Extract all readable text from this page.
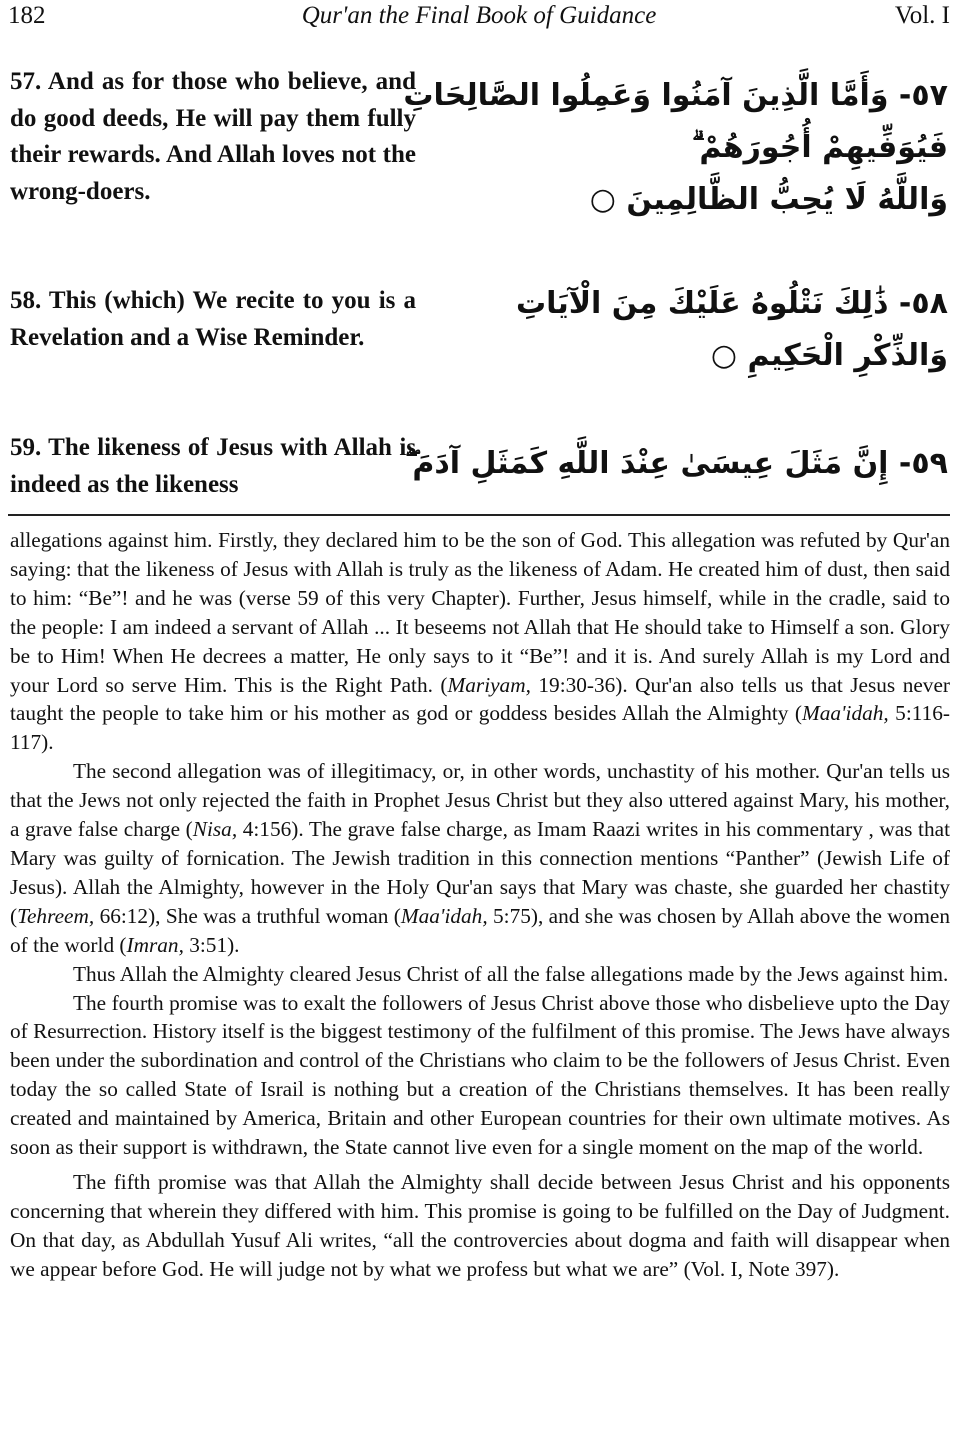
182	Qur'an the Final Book of Guidance	Vol. I
57. And as for those who believe, and do good deeds, He will pay them fully their rewards. And Allah loves not the wrong-doers.
٥٧- وَأَمَّا الَّذِينَ آمَنُوا وَعَمِلُوا الصَّالِحَاتِ
فَيُوَفِّيهِمْ أُجُورَهُمْ ۗ
وَاللَّهُ لَا يُحِبُّ الظَّالِمِينَ ○
58. This (which) We recite to you is a Revelation and a Wise Reminder.
٥٨- ذَٰلِكَ نَتْلُوهُ عَلَيْكَ مِنَ الْآيَاتِ
وَالذِّكْرِ الْحَكِيمِ ○
59. The likeness of Jesus with Allah is indeed as the likeness
٥٩- إِنَّ مَثَلَ عِيسَىٰ عِنْدَ اللَّهِ كَمَثَلِ آدَمَ ۖ

allegations against him. Firstly, they declared him to be the son of God. This allegation was refuted by Qur'an saying: that the likeness of Jesus with Allah is truly as the likeness of Adam. He created him of dust, then said to him: “Be”! and he was (verse 59 of this very Chapter). Further, Jesus himself, while in the cradle, said to the people: I am indeed a servant of Allah ... It beseems not Allah that He should take to Himself a son. Glory be to Him! When He decrees a matter, He only says to it “Be”! and it is. And surely Allah is my Lord and your Lord so serve Him. This is the Right Path. (Mariyam, 19:30-36). Qur'an also tells us that Jesus never taught the people to take him or his mother as god or goddess besides Allah the Almighty (Maa'idah, 5:116-117).

The second allegation was of illegitimacy, or, in other words, unchastity of his mother. Qur'an tells us that the Jews not only rejected the faith in Prophet Jesus Christ but they also uttered against Mary, his mother, a grave false charge (Nisa, 4:156). The grave false charge, as Imam Raazi writes in his commentary , was that Mary was guilty of fornication. The Jewish tradition in this connection mentions “Panther” (Jewish Life of Jesus). Allah the Almighty, however in the Holy Qur'an says that Mary was chaste, she guarded her chastity (Tehreem, 66:12), She was a truthful woman (Maa'idah, 5:75), and she was chosen by Allah above the women of the world (Imran, 3:51).

Thus Allah the Almighty cleared Jesus Christ of all the false allegations made by the Jews against him.

The fourth promise was to exalt the followers of Jesus Christ above those who disbelieve upto the Day of Resurrection. History itself is the biggest testimony of the fulfilment of this promise. The Jews have always been under the subordination and control of the Christians who claim to be the followers of Jesus Christ. Even today the so called State of Israil is nothing but a creation of the Christians themselves. It has been really created and maintained by America, Britain and other European countries for their own ultimate motives. As soon as their support is withdrawn, the State cannot live even for a single moment on the map of the world.

The fifth promise was that Allah the Almighty shall decide between Jesus Christ and his opponents concerning that wherein they differed with him. This promise is going to be fulfilled on the Day of Judgment. On that day, as Abdullah Yusuf Ali writes, “all the controvercies about dogma and faith will disappear when we appear before God. He will judge not by what we profess but what we are” (Vol. I, Note 397).
